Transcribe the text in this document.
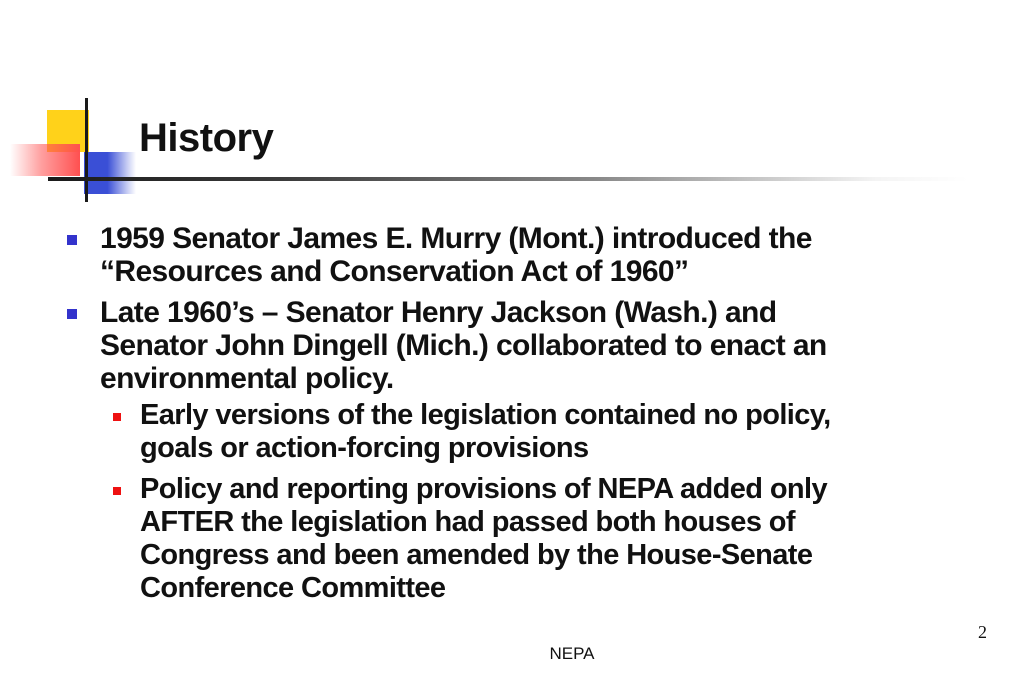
History
1959 Senator James E. Murry (Mont.) introduced the “Resources and Conservation Act of 1960”
Late 1960’s – Senator Henry Jackson (Wash.) and Senator John Dingell (Mich.) collaborated to enact an environmental policy.
Early versions of the legislation contained no policy, goals or action-forcing provisions
Policy and reporting provisions of NEPA added only AFTER the legislation had passed both houses of Congress and been amended by the House-Senate Conference Committee
2
NEPA
